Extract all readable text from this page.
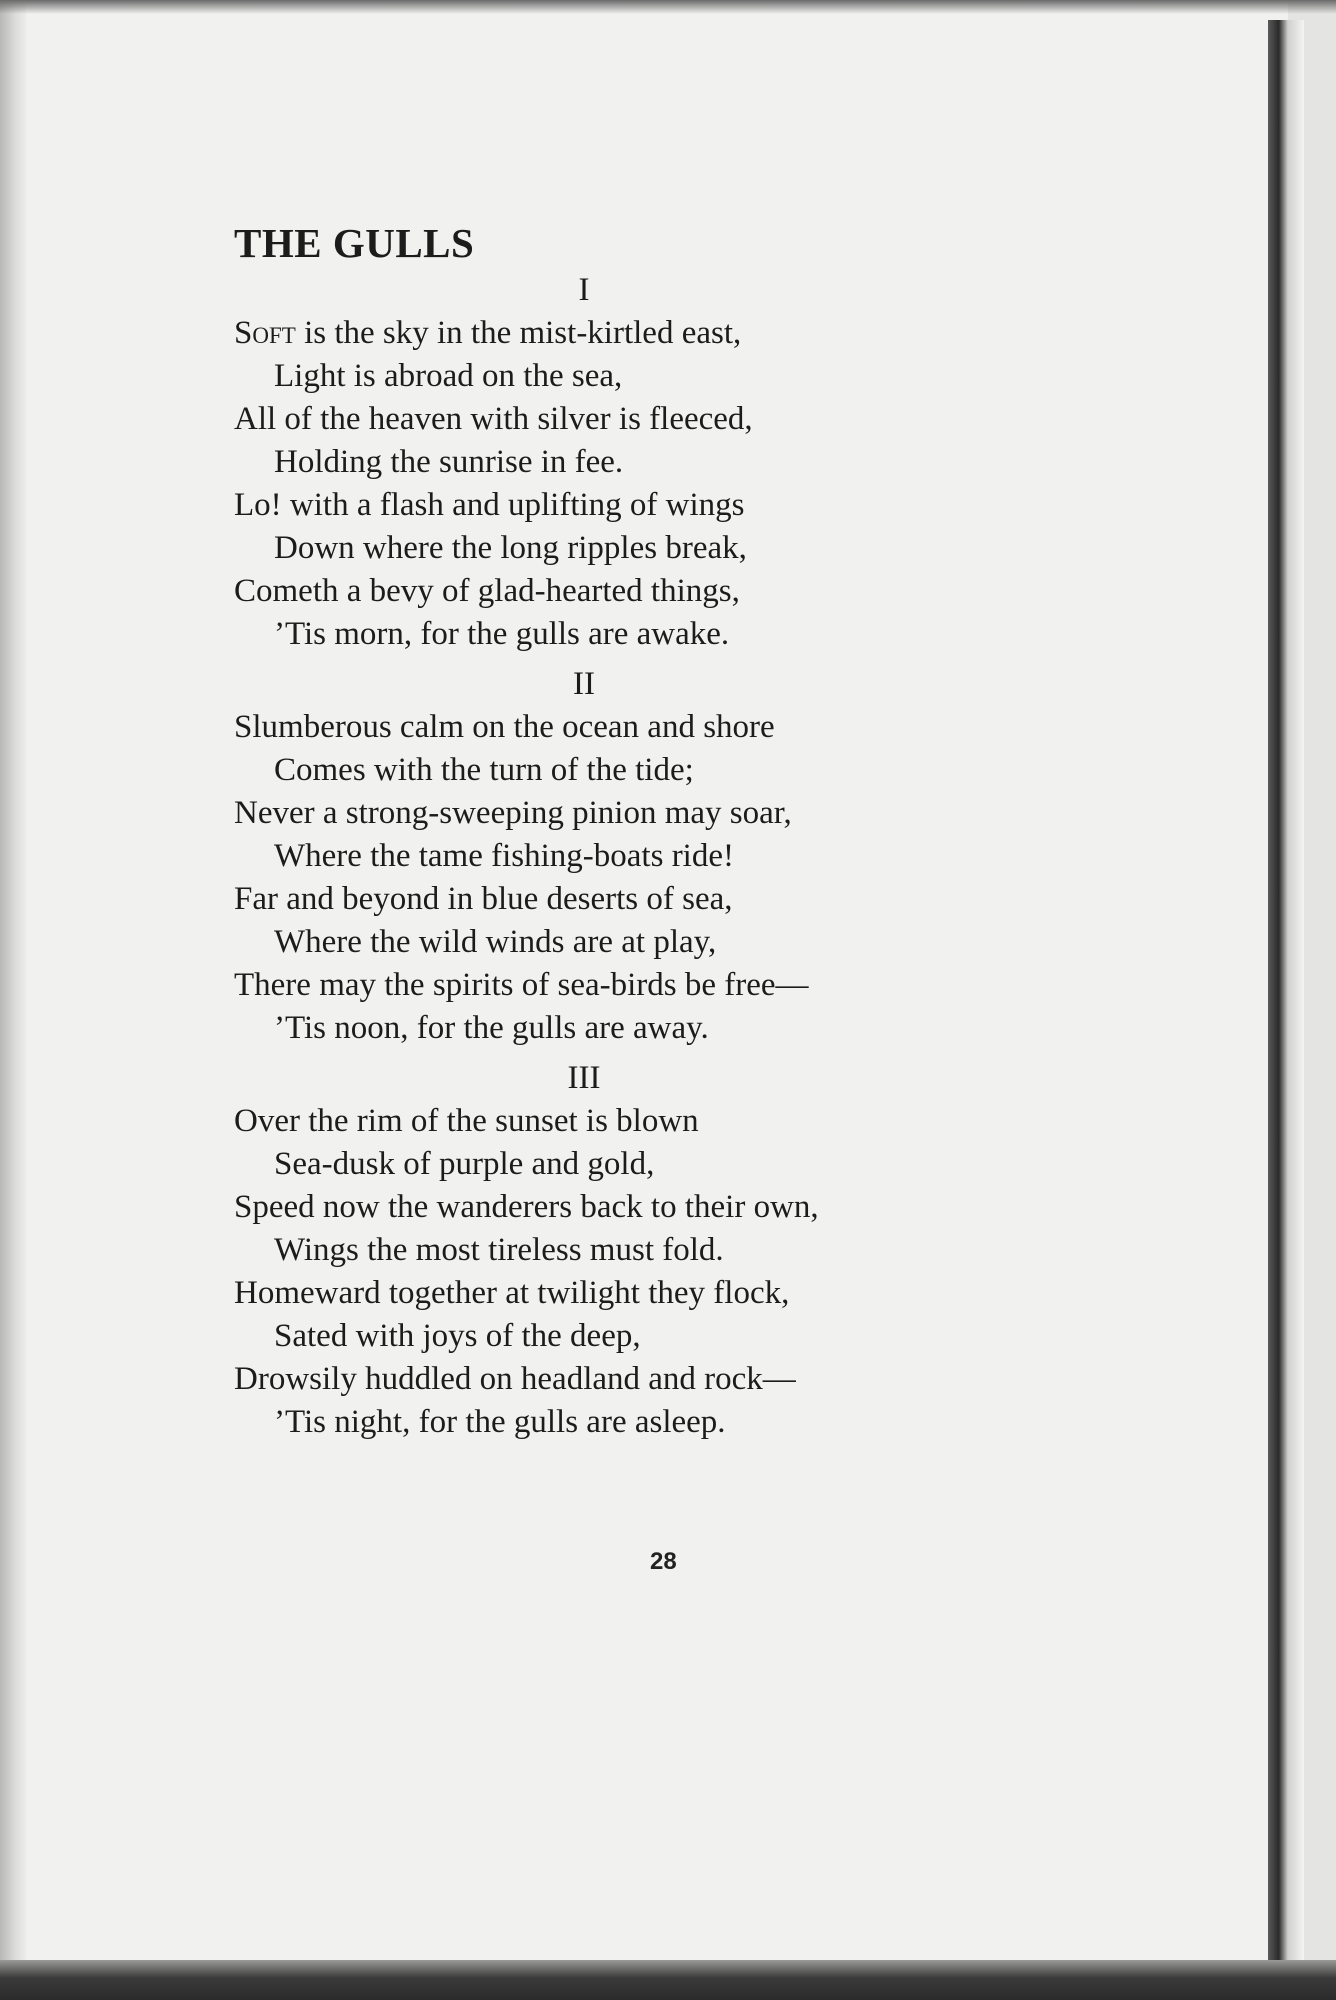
THE GULLS
I
Soft is the sky in the mist-kirtled east,
Light is abroad on the sea,
All of the heaven with silver is fleeced,
Holding the sunrise in fee.
Lo! with a flash and uplifting of wings
Down where the long ripples break,
Cometh a bevy of glad-hearted things,
’Tis morn, for the gulls are awake.
II
Slumberous calm on the ocean and shore
Comes with the turn of the tide;
Never a strong-sweeping pinion may soar,
Where the tame fishing-boats ride!
Far and beyond in blue deserts of sea,
Where the wild winds are at play,
There may the spirits of sea-birds be free—
’Tis noon, for the gulls are away.
III
Over the rim of the sunset is blown
Sea-dusk of purple and gold,
Speed now the wanderers back to their own,
Wings the most tireless must fold.
Homeward together at twilight they flock,
Sated with joys of the deep,
Drowsily huddled on headland and rock—
’Tis night, for the gulls are asleep.
28
